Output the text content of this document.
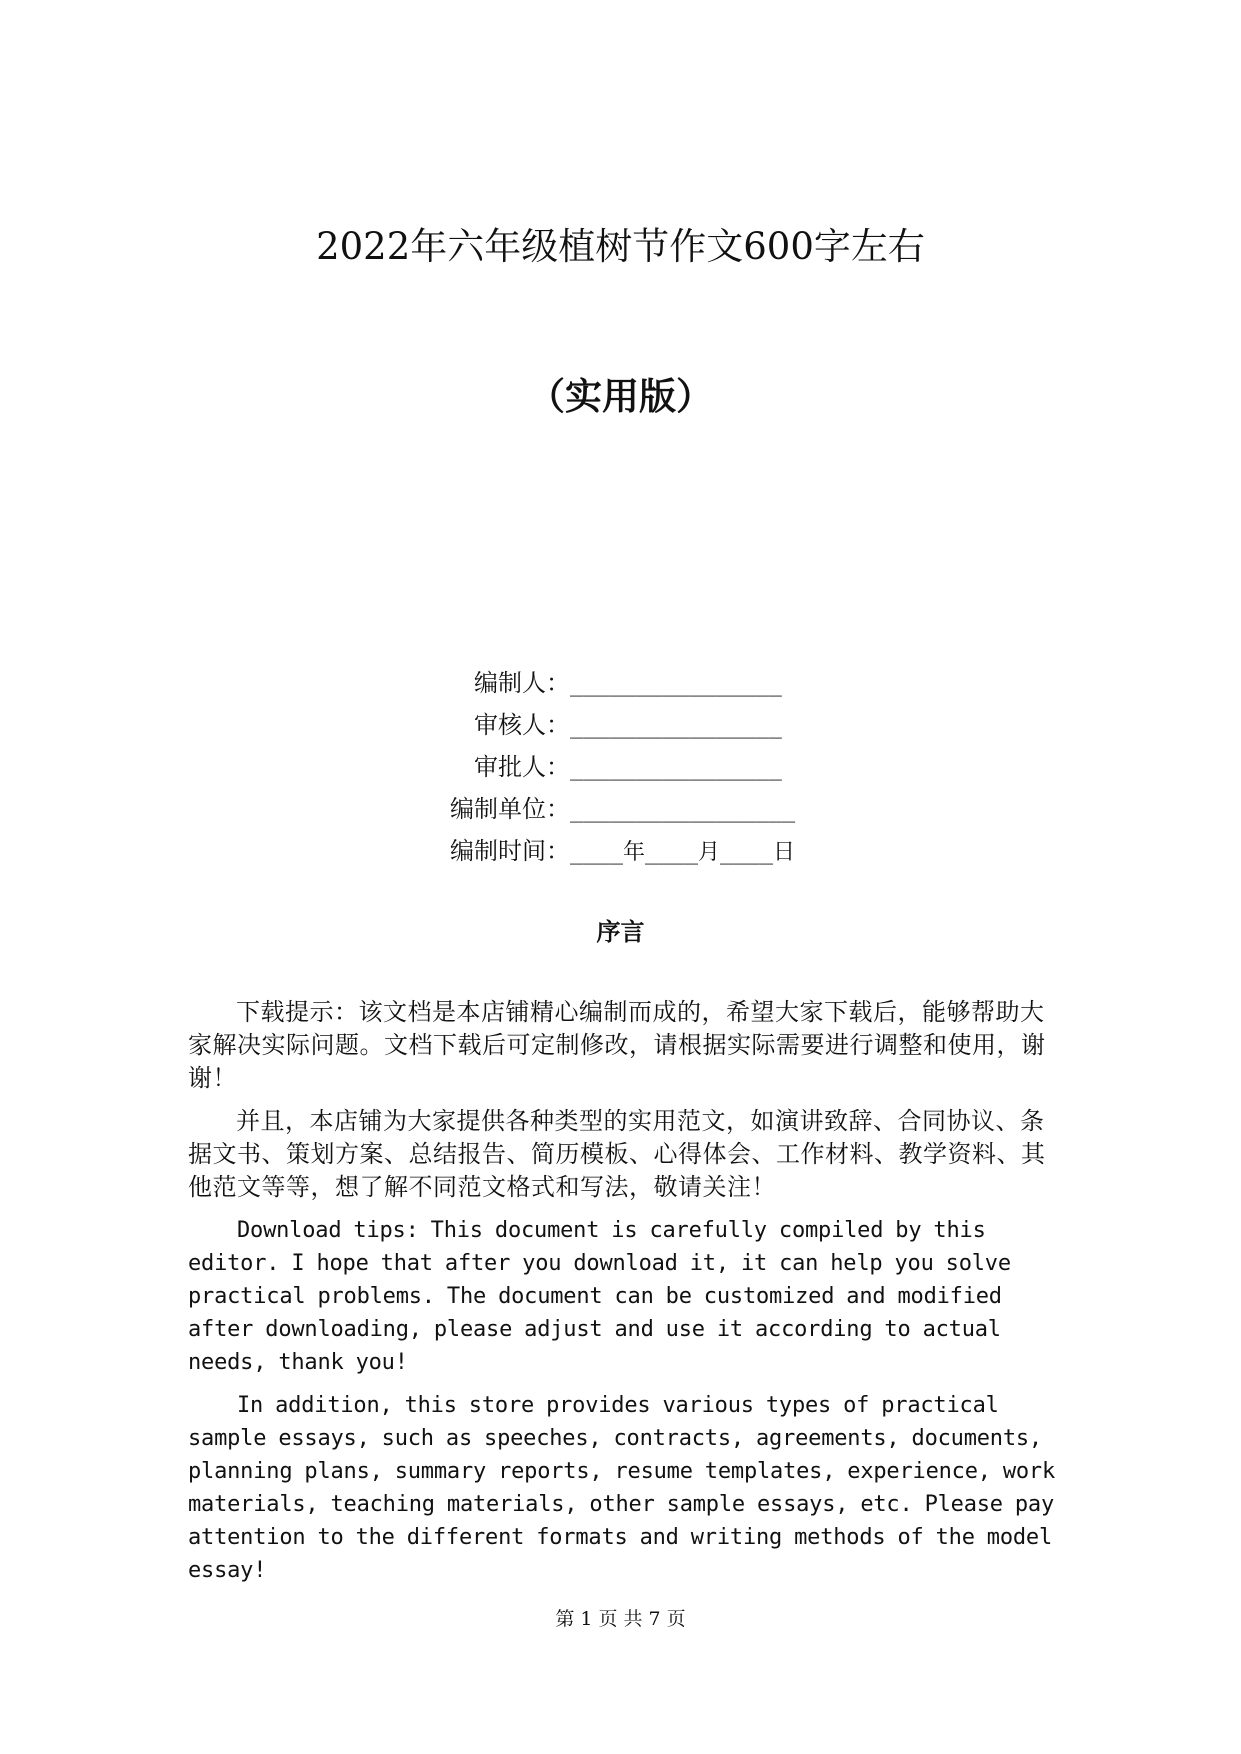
2022年六年级植树节作文600字左右
（实用版）
编制人：________________
审核人：________________
审批人：________________
编制单位：_________________
编制时间：____年____月____日
序言

下载提示：该文档是本店铺精心编制而成的，希望大家下载后，能够帮助大家解决实际问题。文档下载后可定制修改，请根据实际需要进行调整和使用，谢谢！

并且，本店铺为大家提供各种类型的实用范文，如演讲致辞、合同协议、条据文书、策划方案、总结报告、简历模板、心得体会、工作材料、教学资料、其他范文等等，想了解不同范文格式和写法，敬请关注！

Download tips: This document is carefully compiled by this editor. I hope that after you download it, it can help you solve practical problems. The document can be customized and modified after downloading, please adjust and use it according to actual needs, thank you!

In addition, this store provides various types of practical sample essays, such as speeches, contracts, agreements, documents, planning plans, summary reports, resume templates, experience, work materials, teaching materials, other sample essays, etc. Please pay attention to the different formats and writing methods of the model essay!

第 1 页 共 7 页
